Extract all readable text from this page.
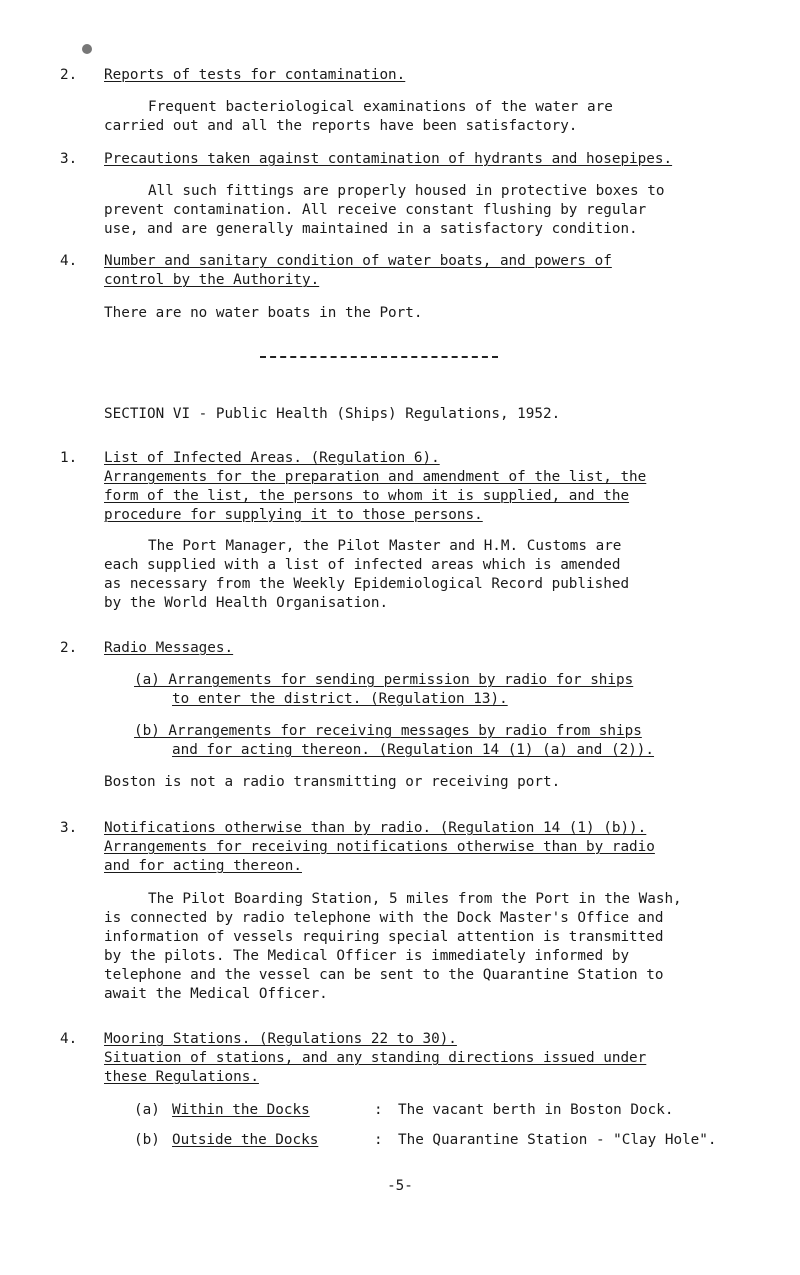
2. Reports of tests for contamination.
Frequent bacteriological examinations of the water are
carried out and all the reports have been satisfactory.
3. Precautions taken against contamination of hydrants and hosepipes.
All such fittings are properly housed in protective boxes to
prevent contamination. All receive constant flushing by regular
use, and are generally maintained in a satisfactory condition.
4. Number and sanitary condition of water boats, and powers of
control by the Authority.
There are no water boats in the Port.
SECTION VI - Public Health (Ships) Regulations, 1952.
1. List of Infected Areas. (Regulation 6).
Arrangements for the preparation and amendment of the list, the
form of the list, the persons to whom it is supplied, and the
procedure for supplying it to those persons.
The Port Manager, the Pilot Master and H.M. Customs are
each supplied with a list of infected areas which is amended
as necessary from the Weekly Epidemiological Record published
by the World Health Organisation.
2. Radio Messages.
(a) Arrangements for sending permission by radio for ships
to enter the district. (Regulation 13).
(b) Arrangements for receiving messages by radio from ships
and for acting thereon. (Regulation 14 (1) (a) and (2)).
Boston is not a radio transmitting or receiving port.
3. Notifications otherwise than by radio. (Regulation 14 (1) (b)).
Arrangements for receiving notifications otherwise than by radio
and for acting thereon.
The Pilot Boarding Station, 5 miles from the Port in the Wash,
is connected by radio telephone with the Dock Master's Office and
information of vessels requiring special attention is transmitted
by the pilots. The Medical Officer is immediately informed by
telephone and the vessel can be sent to the Quarantine Station to
await the Medical Officer.
4. Mooring Stations. (Regulations 22 to 30).
Situation of stations, and any standing directions issued under
these Regulations.
(a) Within the Docks	: The vacant berth in Boston Dock.
(b) Outside the Docks	: The Quarantine Station - "Clay Hole".
-5-
